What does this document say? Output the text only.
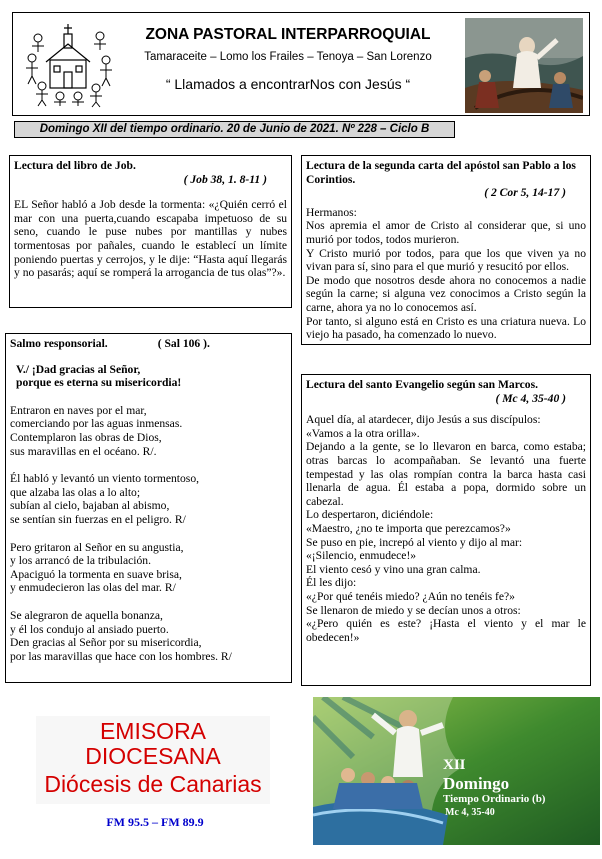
ZONA PASTORAL INTERPARROQUIAL
Tamaraceite – Lomo los Frailes – Tenoya – San Lorenzo
“ Llamados a encontrarNos con Jesús “
Domingo XII del tiempo ordinario. 20 de Junio de 2021. Nº 228 – Ciclo B

Lectura del libro de Job.

( Job 38, 1. 8-11 )

EL Señor habló a Job desde la tormenta: «¿Quién cerró el mar con una puerta,cuando escapaba impetuoso de su seno, cuando le puse nubes por mantillas y nubes tormentosas por pañales, cuando le establecí un límite poniendo puertas y cerrojos, y le dije: “Hasta aquí llegarás y no pasarás; aquí se romperá la arrogancia de tus olas”?».

Lectura de la segunda carta del apóstol san Pablo a los Corintios.

( 2 Cor 5, 14-17 )

Hermanos:

Nos apremia el amor de Cristo al considerar que, si uno murió por todos, todos murieron.

Y Cristo murió por todos, para que los que viven ya no vivan para sí, sino para el que murió y resucitó por ellos.

De modo que nosotros desde ahora no conocemos a nadie según la carne; si alguna vez conocimos a Cristo según la carne, ahora ya no lo conocemos así.

Por tanto, si alguno está en Cristo es una criatura nueva. Lo viejo ha pasado, ha comenzado lo nuevo.

Salmo responsorial.	( Sal 106 ).

V./ ¡Dad gracias al Señor,

porque es eterna su misericordia!

Entraron en naves por el mar,

comerciando por las aguas inmensas.

Contemplaron las obras de Dios,

sus maravillas en el océano. R/.

Él habló y levantó un viento tormentoso,

que alzaba las olas a lo alto;

subían al cielo, bajaban al abismo,

se sentían sin fuerzas en el peligro. R/

Pero gritaron al Señor en su angustia,

y los arrancó de la tribulación.

Apaciguó la tormenta en suave brisa,

y enmudecieron las olas del mar. R/

Se alegraron de aquella bonanza,

y él los condujo al ansiado puerto.

Den gracias al Señor por su misericordia,

por las maravillas que hace con los hombres. R/

Lectura del santo Evangelio según san Marcos.

( Mc 4, 35-40 )

Aquel día, al atardecer, dijo Jesús a sus discípulos:

«Vamos a la otra orilla».

Dejando a la gente, se lo llevaron en barca, como estaba; otras barcas lo acompañaban. Se levantó una fuerte tempestad y las olas rompían contra la barca hasta casi llenarla de agua. Él estaba a popa, dormido sobre un cabezal.

Lo despertaron, diciéndole:

«Maestro, ¿no te importa que perezcamos?»

Se puso en pie, increpó al viento y dijo al mar:

«¡Silencio, enmudece!»

El viento cesó y vino una gran calma.

Él les dijo:

«¿Por qué tenéis miedo? ¿Aún no tenéis fe?»

Se llenaron de miedo y se decían unos a otros:

«¿Pero quién es este? ¡Hasta el viento y el mar le obedecen!»

EMISORA
DIOCESANA
Diócesis de Canarias
FM 95.5 – FM 89.9
XII
Domingo
Tiempo Ordinario (b)
Mc 4, 35-40
